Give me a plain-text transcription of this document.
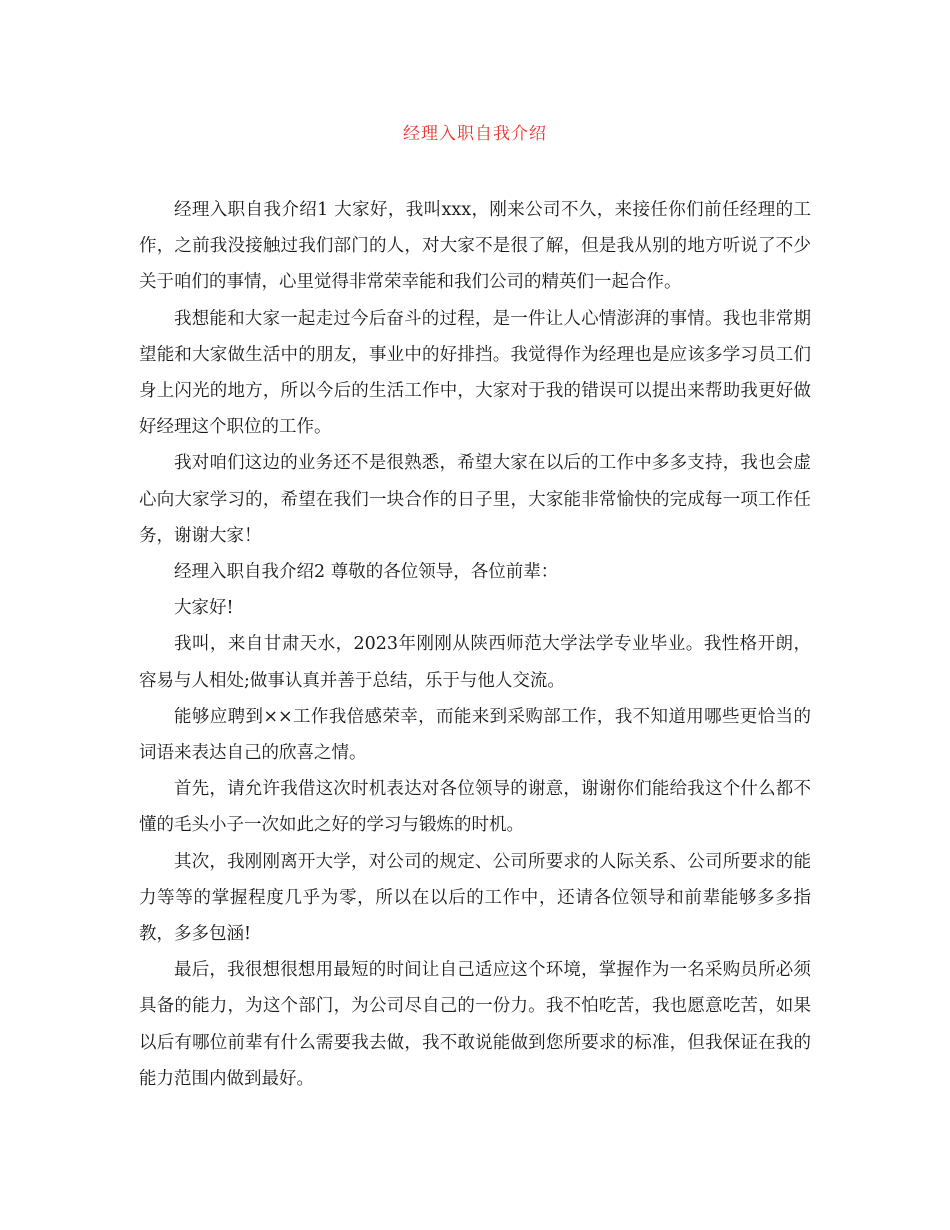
经理入职自我介绍

经理入职自我介绍1 大家好，我叫xxx，刚来公司不久，来接任你们前任经理的工作，之前我没接触过我们部门的人，对大家不是很了解，但是我从别的地方听说了不少关于咱们的事情，心里觉得非常荣幸能和我们公司的精英们一起合作。

我想能和大家一起走过今后奋斗的过程，是一件让人心情澎湃的事情。我也非常期望能和大家做生活中的朋友，事业中的好排挡。我觉得作为经理也是应该多学习员工们身上闪光的地方，所以今后的生活工作中，大家对于我的错误可以提出来帮助我更好做好经理这个职位的工作。

我对咱们这边的业务还不是很熟悉，希望大家在以后的工作中多多支持，我也会虚心向大家学习的，希望在我们一块合作的日子里，大家能非常愉快的完成每一项工作任务，谢谢大家！

经理入职自我介绍2 尊敬的各位领导，各位前辈：

大家好!

我叫，来自甘肃天水，2023年刚刚从陕西师范大学法学专业毕业。我性格开朗，容易与人相处;做事认真并善于总结，乐于与他人交流。

能够应聘到××工作我倍感荣幸，而能来到采购部工作，我不知道用哪些更恰当的词语来表达自己的欣喜之情。

首先，请允许我借这次时机表达对各位领导的谢意，谢谢你们能给我这个什么都不懂的毛头小子一次如此之好的学习与锻炼的时机。

其次，我刚刚离开大学，对公司的规定、公司所要求的人际关系、公司所要求的能力等等的掌握程度几乎为零，所以在以后的工作中，还请各位领导和前辈能够多多指教，多多包涵!

最后，我很想很想用最短的时间让自己适应这个环境，掌握作为一名采购员所必须具备的能力，为这个部门，为公司尽自己的一份力。我不怕吃苦，我也愿意吃苦，如果以后有哪位前辈有什么需要我去做，我不敢说能做到您所要求的标准，但我保证在我的能力范围内做到最好。
